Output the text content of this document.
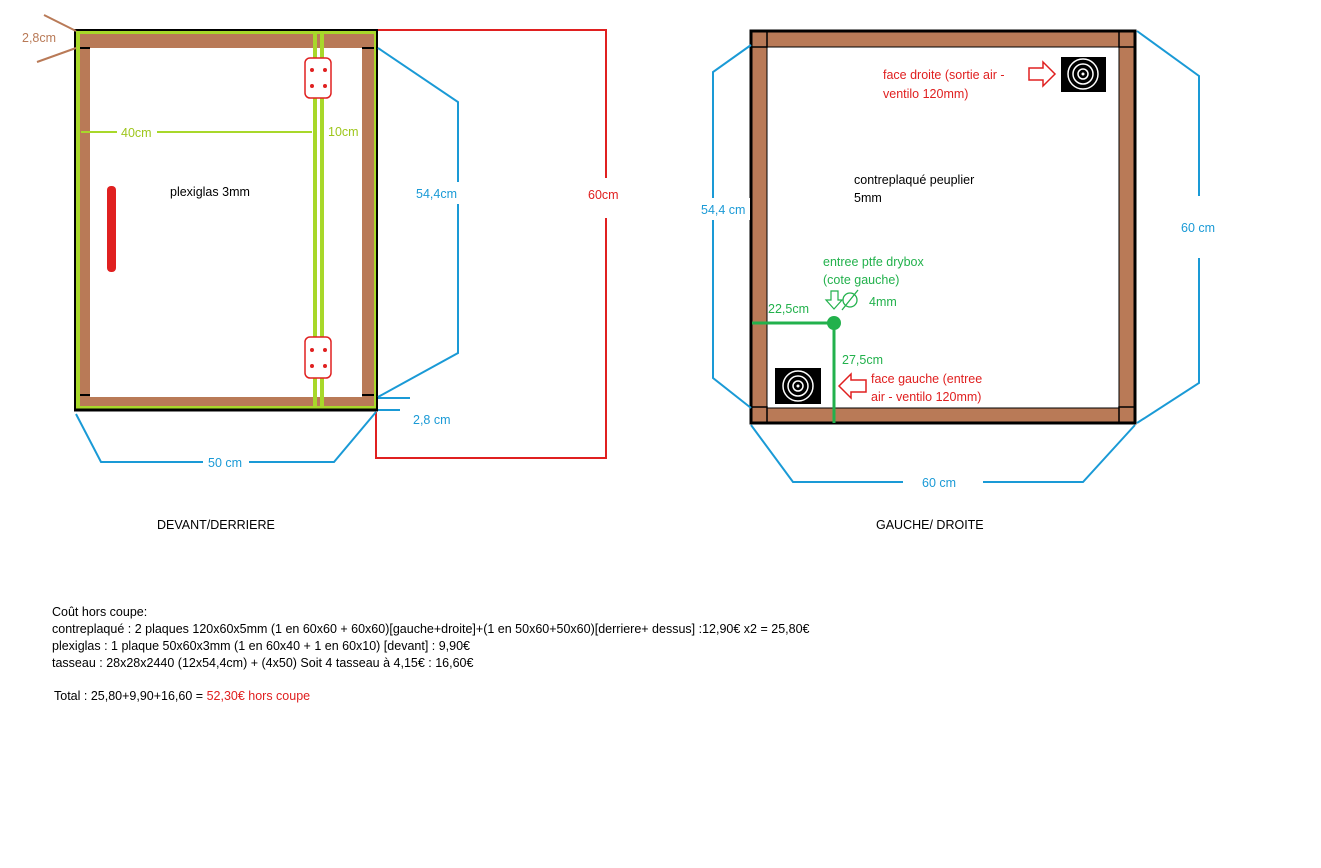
40cm	10cm
plexiglas 3mm
2,8cm
54,4cm	60cm
2,8 cm
50 cm
DEVANT/DERRIERE
54,4 cm
60 cm
60 cm
face droite (sortie air -
ventilo 120mm)
contreplaqué peuplier
5mm
entree ptfe drybox
(cote gauche)
4mm
22,5cm
27,5cm
face gauche (entree
air - ventilo 120mm)
GAUCHE/ DROITE
Coût hors coupe:
contreplaqué : 2 plaques 120x60x5mm (1 en 60x60 + 60x60)[gauche+droite]+(1 en 50x60+50x60)[derriere+ dessus] :12,90€ x2 = 25,80€
plexiglas : 1 plaque 50x60x3mm (1 en 60x40 + 1 en 60x10) [devant] : 9,90€
tasseau : 28x28x2440 (12x54,4cm) + (4x50) Soit 4 tasseau à 4,15€ : 16,60€
Total : 25,80+9,90+16,60 = 52,30€ hors coupe
